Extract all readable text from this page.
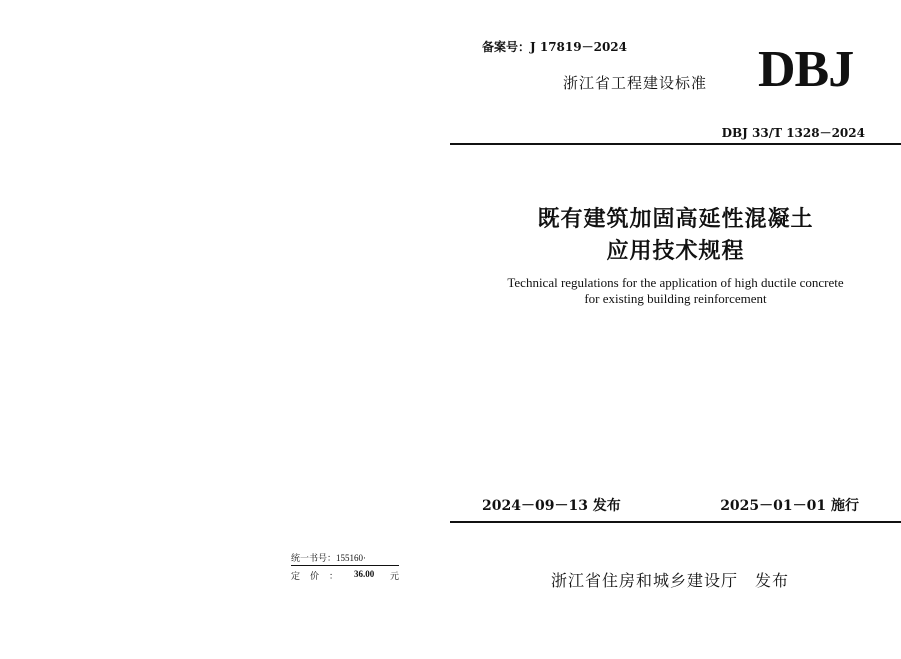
备案号：J 17819－2024
浙江省工程建设标准 DBJ
DBJ 33/T 1328－2024
既有建筑加固高延性混凝土
应用技术规程
Technical regulations for the application of high ductile concrete
for existing building reinforcement
2024－09－13 发布	2025－01－01 施行
浙江省住房和城乡建设厅　发布
统一书号：155160·
定价： 36.00 元
